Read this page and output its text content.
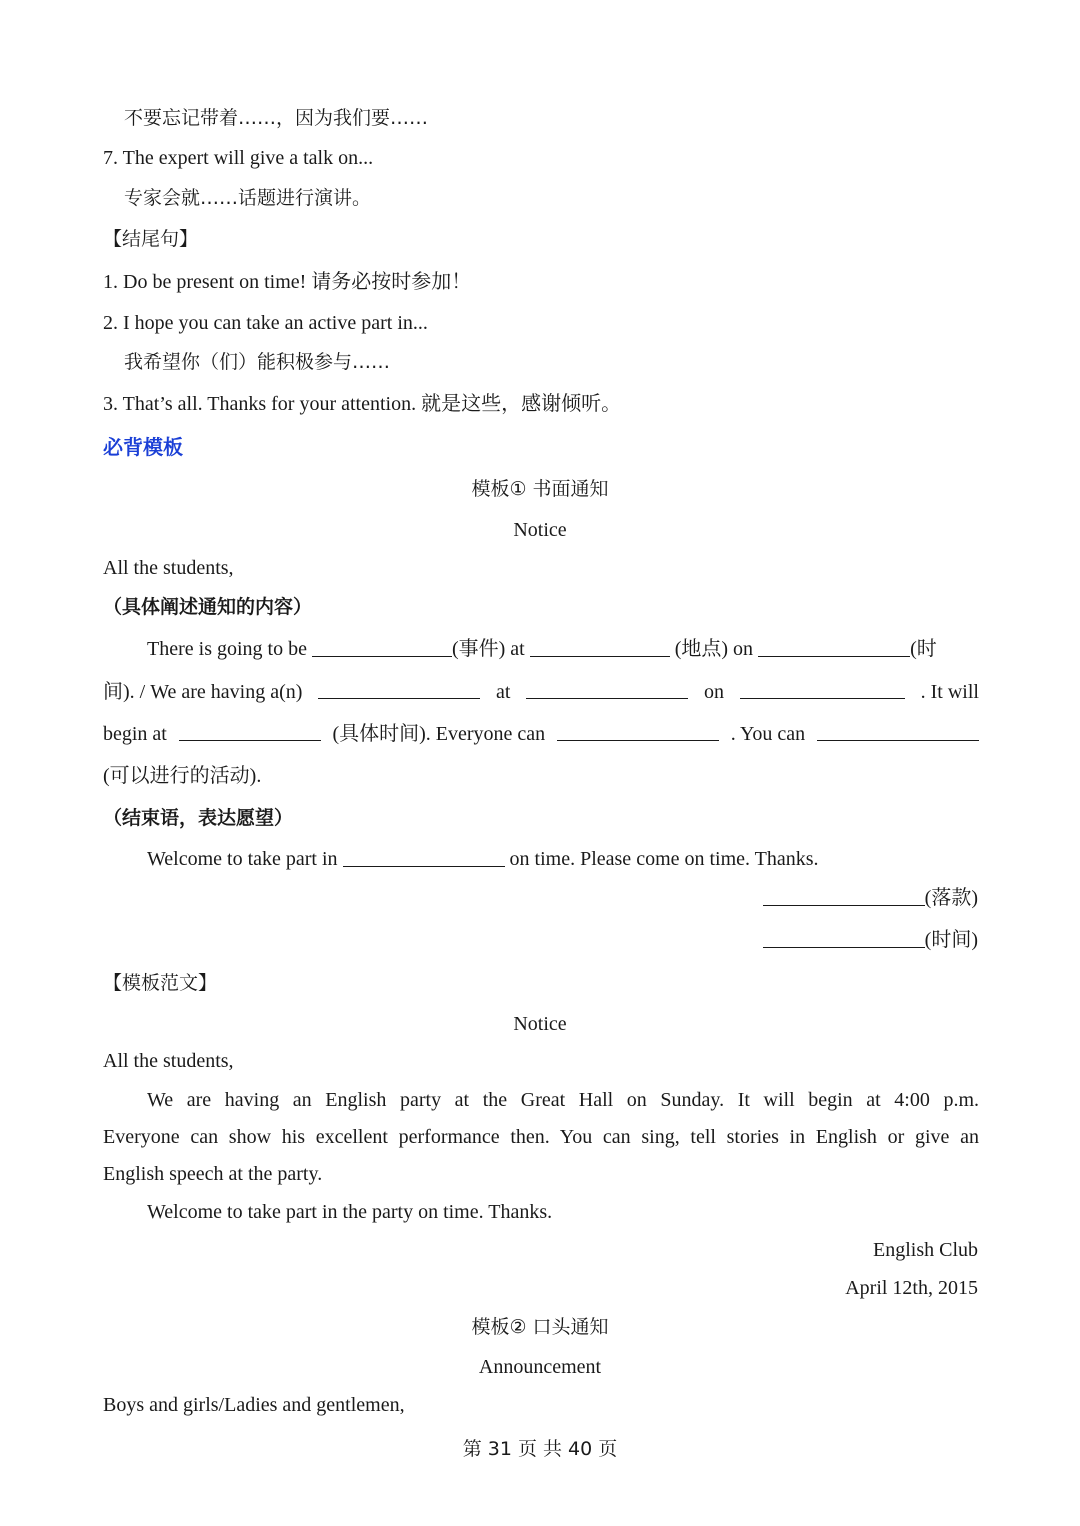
不要忘记带着……，因为我们要……
7. The expert will give a talk on...
专家会就……话题进行演讲。
【结尾句】
1. Do be present on time! 请务必按时参加！
2. I hope you can take an active part in...
我希望你（们）能积极参与……
3. That’s all. Thanks for your attention. 就是这些，感谢倾听。
必背模板
模板① 书面通知
Notice
All the students,
（具体阐述通知的内容）
There is going to be	(事件) at	(地点) on	(时
间). / We are having a(n)	at	on	. It will
begin at	(具体时间). Everyone can	. You can
(可以进行的活动).
（结束语，表达愿望）
Welcome to take part in	on time. Please come on time. Thanks.
(落款)
(时间)
【模板范文】
Notice
All the students,
We are having an English party at the Great Hall on Sunday. It will begin at 4:00 p.m.
Everyone can show his excellent performance then. You can sing, tell stories in English or give an
English speech at the party.
Welcome to take part in the party on time. Thanks.
English Club
April 12th, 2015
模板② 口头通知
Announcement
Boys and girls/Ladies and gentlemen,
第 31 页 共 40 页
